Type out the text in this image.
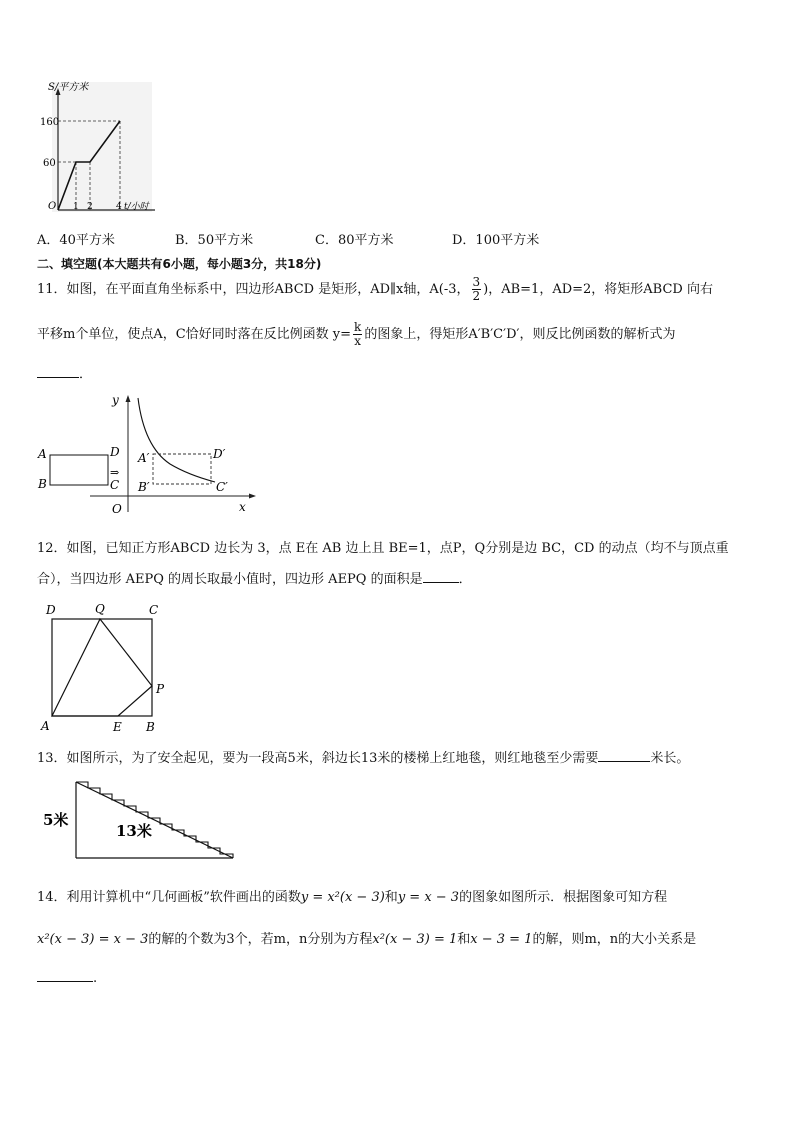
S/平方米
160
60
O 1 2	4 t/小时
A．40平方米	B．50平方米	C．80平方米	D．100平方米
二、填空题(本大题共有6小题，每小题3分，共18分)
11．如图，在平面直角坐标系中，四边形ABCD 是矩形，AD∥x轴，A(-3， $\frac{3}{2}$ )，AB=1，AD=2，将矩形ABCD 向右
平移m个单位，使点A，C恰好同时落在反比例函数 $y= \frac{k}{x}$ 的图象上，得矩形A′B′C′D′，则反比例函数的解析式为
．
y
x
O
A
B
D
C
⇒
A′
B′
D′
C′
12．如图，已知正方形ABCD 边长为 3，点 E在 AB 边上且 BE=1，点P，Q分别是边 BC，CD 的动点（均不与顶点重
合），当四边形 AEPQ 的周长取最小值时，四边形 AEPQ 的面积是	．
D	Q	C
P
A	E B
13．如图所示，为了安全起见，要为一段高5米，斜边长13米的楼梯上红地毯，则红地毯至少需要	米长。
5米
13米
14．利用计算机中“几何画板”软件画出的函数y = x²(x − 3)和y = x − 3的图象如图所示．根据图象可知方程
x²(x − 3) = x − 3的解的个数为3个，若m，n分别为方程x²(x − 3) = 1和x − 3 = 1的解，则m，n的大小关系是
.
